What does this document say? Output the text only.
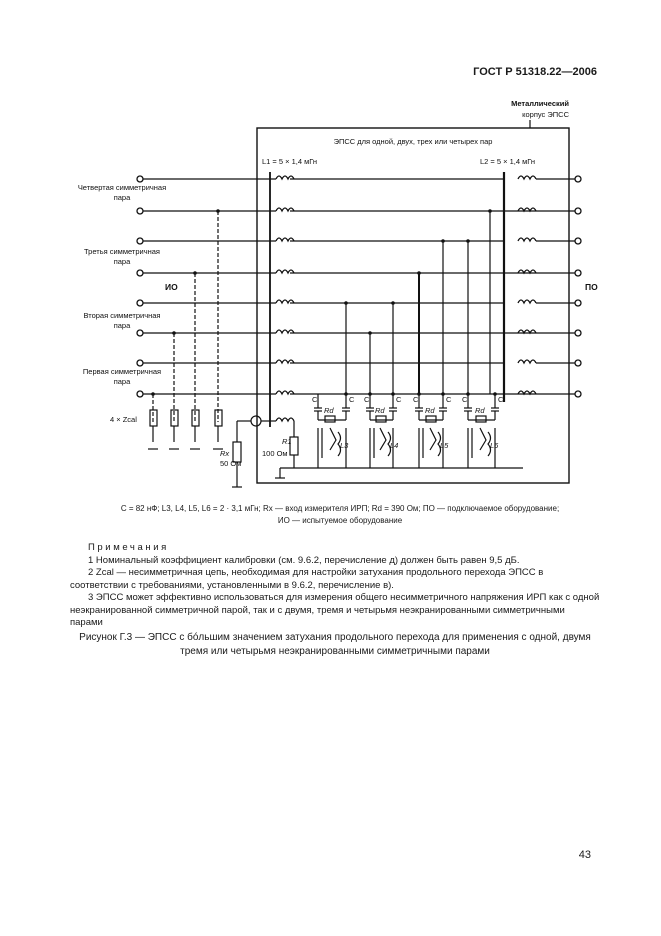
ГОСТ Р 51318.22—2006
Металлический
корпус ЭПСС
ЭПСС для одной, двух, трех или четырех пар
L1 = 5 × 1,4 мГн	L2 = 5 × 1,4 мГн
Четвертая симметричная
пара
Третья симметричная
пара
ИО	ПО
Вторая симметричная
пара
Первая симметричная
пара
4 × Zcal
Rx
50 Ом
R1
100 Ом
C	C C	C C	C C	C
Rd	Rd	Rd	Rd
L3	L4	L5	L6
C = 82 нФ; L3, L4, L5, L6 = 2 · 3,1 мГн; Rx — вход измерителя ИРП; Rd = 390 Ом; ПО — подключаемое оборудование;
ИО — испытуемое оборудование

Примечания

1 Номинальный коэффициент калибровки (см. 9.6.2, перечисление д) должен быть равен 9,5 дБ.

2 Zcal — несимметричная цепь, необходимая для настройки затухания продольного перехода ЭПСС в соответствии с требованиями, установленными в 9.6.2, перечисление в).

3 ЭПСС может эффективно использоваться для измерения общего несимметричного напряжения ИРП как с одной неэкранированной симметричной парой, так и с двумя, тремя и четырьмя неэкранированными симметричными парами

Рисунок Г.3 — ЭПСС с бóльшим значением затухания продольного перехода для применения с одной, двумя
тремя или четырьмя неэкранированными симметричными парами
43
